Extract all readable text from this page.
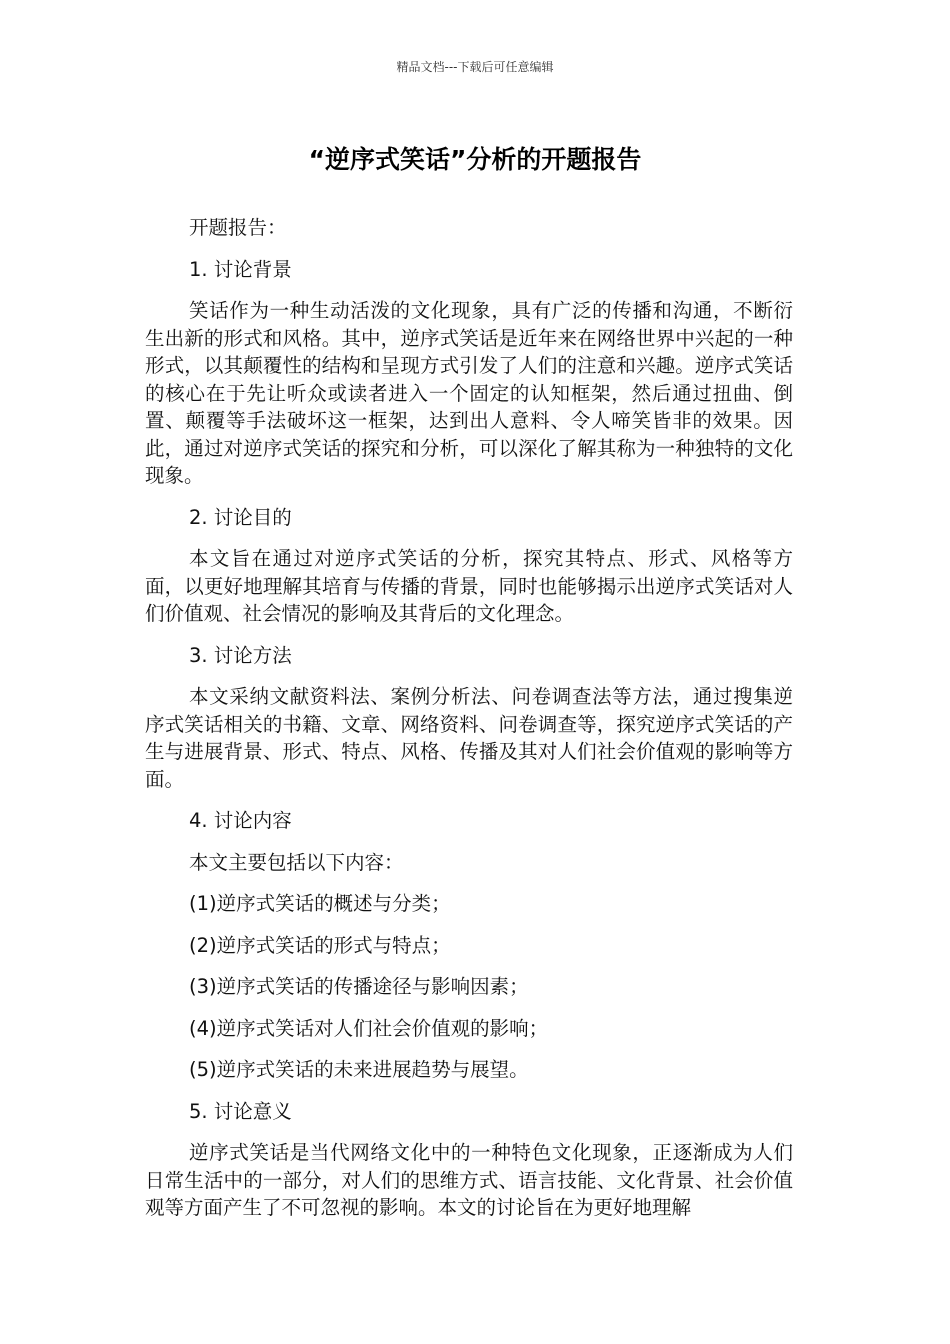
精品文档---下载后可任意编辑
“逆序式笑话”分析的开题报告

开题报告：

1. 讨论背景

笑话作为一种生动活泼的文化现象，具有广泛的传播和沟通，不断衍生出新的形式和风格。其中，逆序式笑话是近年来在网络世界中兴起的一种形式，以其颠覆性的结构和呈现方式引发了人们的注意和兴趣。逆序式笑话的核心在于先让听众或读者进入一个固定的认知框架，然后通过扭曲、倒置、颠覆等手法破坏这一框架，达到出人意料、令人啼笑皆非的效果。因此，通过对逆序式笑话的探究和分析，可以深化了解其称为一种独特的文化现象。

2. 讨论目的

本文旨在通过对逆序式笑话的分析，探究其特点、形式、风格等方面，以更好地理解其培育与传播的背景，同时也能够揭示出逆序式笑话对人们价值观、社会情况的影响及其背后的文化理念。

3. 讨论方法

本文采纳文献资料法、案例分析法、问卷调查法等方法，通过搜集逆序式笑话相关的书籍、文章、网络资料、问卷调查等，探究逆序式笑话的产生与进展背景、形式、特点、风格、传播及其对人们社会价值观的影响等方面。

4. 讨论内容

本文主要包括以下内容：

(1)逆序式笑话的概述与分类；

(2)逆序式笑话的形式与特点；

(3)逆序式笑话的传播途径与影响因素；

(4)逆序式笑话对人们社会价值观的影响；

(5)逆序式笑话的未来进展趋势与展望。

5. 讨论意义

逆序式笑话是当代网络文化中的一种特色文化现象，正逐渐成为人们日常生活中的一部分，对人们的思维方式、语言技能、文化背景、社会价值观等方面产生了不可忽视的影响。本文的讨论旨在为更好地理解
